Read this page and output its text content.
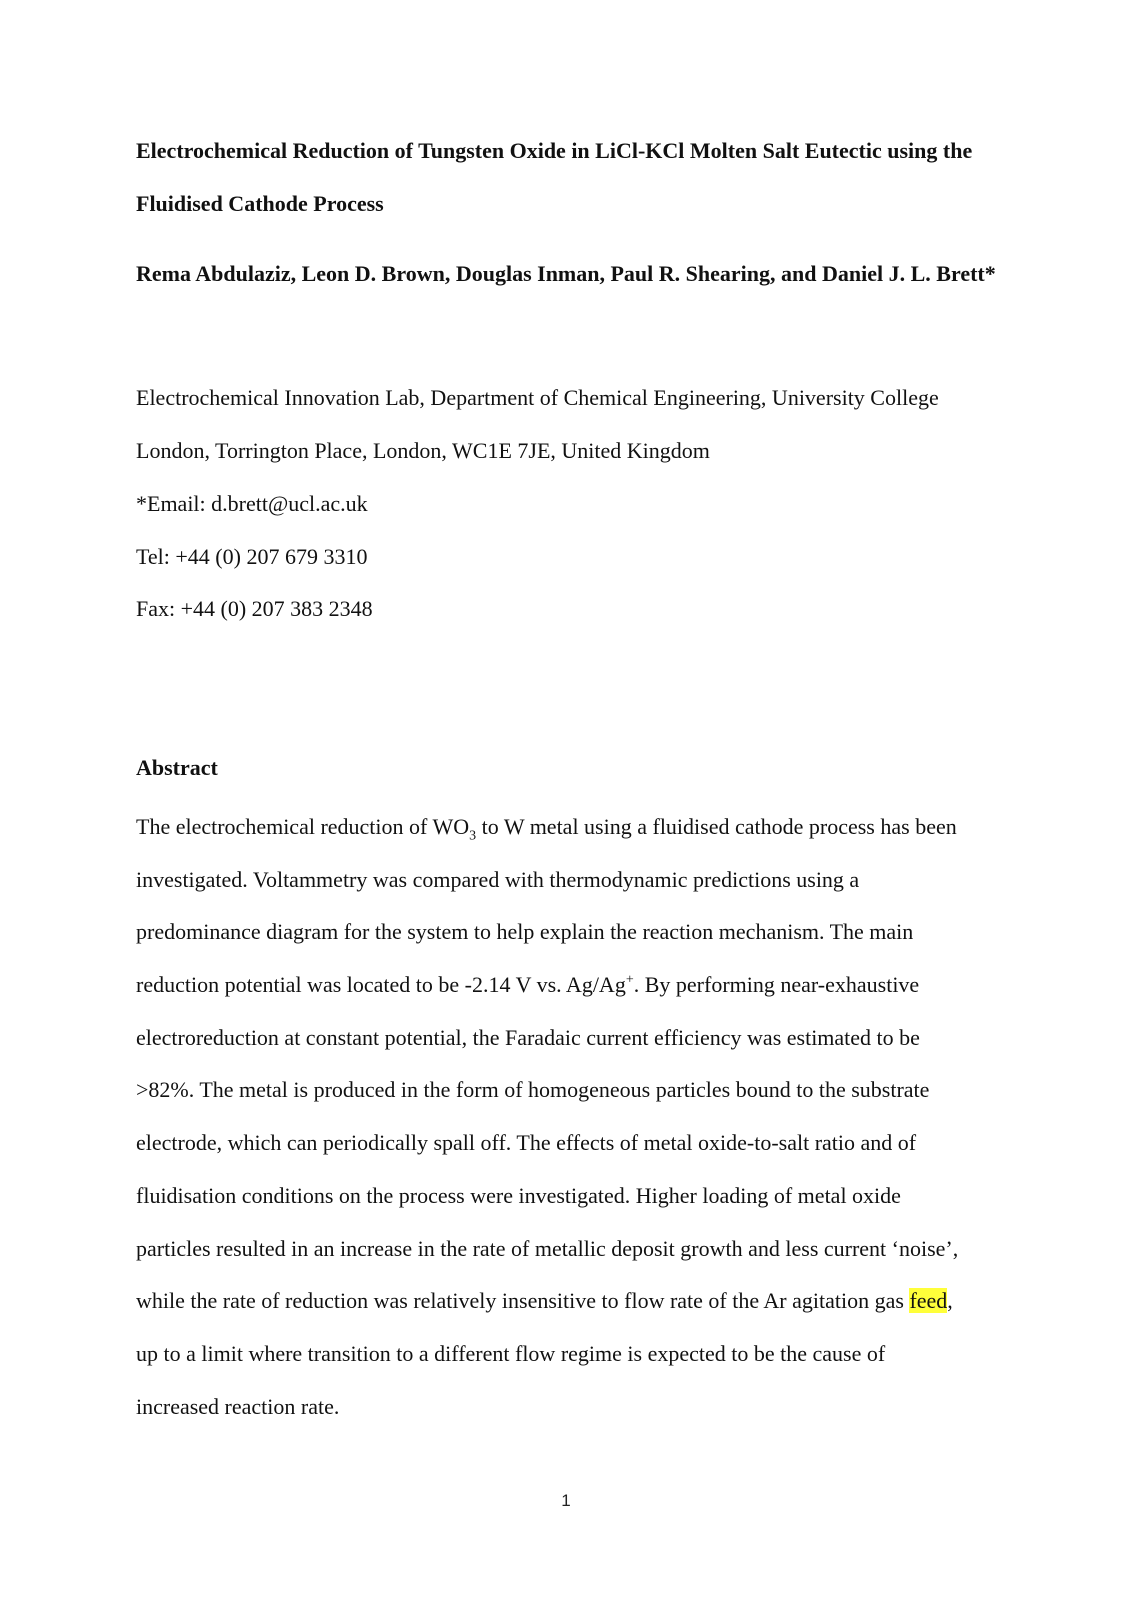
Electrochemical Reduction of Tungsten Oxide in LiCl-KCl Molten Salt Eutectic using the Fluidised Cathode Process

Rema Abdulaziz, Leon D. Brown, Douglas Inman, Paul R. Shearing, and Daniel J. L. Brett*

Electrochemical Innovation Lab, Department of Chemical Engineering, University College London, Torrington Place, London, WC1E 7JE, United Kingdom

*Email: d.brett@ucl.ac.uk

Tel: +44 (0) 207 679 3310

Fax: +44 (0) 207 383 2348

Abstract

The electrochemical reduction of $WO_3$ to W metal using a fluidised cathode process has been
investigated. Voltammetry was compared with thermodynamic predictions using a
predominance diagram for the system to help explain the reaction mechanism. The main
reduction potential was located to be -2.14 V vs. Ag/Ag+. By performing near-exhaustive
electroreduction at constant potential, the Faradaic current efficiency was estimated to be
>82%. The metal is produced in the form of homogeneous particles bound to the substrate
electrode, which can periodically spall off. The effects of metal oxide-to-salt ratio and of
fluidisation conditions on the process were investigated. Higher loading of metal oxide
particles resulted in an increase in the rate of metallic deposit growth and less current ‘noise’,
while the rate of reduction was relatively insensitive to flow rate of the Ar agitation gas feed,
up to a limit where transition to a different flow regime is expected to be the cause of
increased reaction rate.
1
